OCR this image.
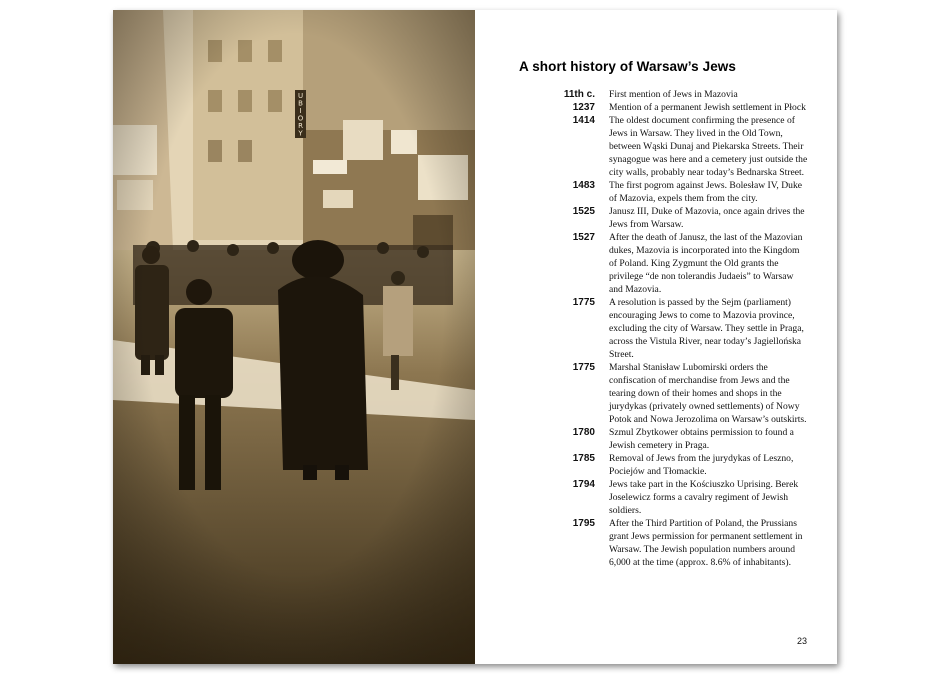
A short history of Warsaw’s Jews
11th c. First mention of Jews in Mazovia
1237 Mention of a permanent Jewish settlement in Płock
1414 The oldest document confirming the presence of Jews in Warsaw. They lived in the Old Town, between Wąski Dunaj and Piekarska Streets. Their synagogue was here and a cemetery just outside the city walls, probably near today’s Bednarska Street.
1483 The first pogrom against Jews. Bolesław IV, Duke of Mazovia, expels them from the city.
1525 Janusz III, Duke of Mazovia, once again drives the Jews from Warsaw.
1527 After the death of Janusz, the last of the Mazovian dukes, Mazovia is incorporated into the Kingdom of Poland. King Zygmunt the Old grants the privilege “de non tolerandis Judaeis” to Warsaw and Mazovia.
1775 A resolution is passed by the Sejm (parliament) encouraging Jews to come to Mazovia province, excluding the city of Warsaw. They settle in Praga, across the Vistula River, near today’s Jagiellońska Street.
1775 Marshal Stanisław Lubomirski orders the confiscation of merchandise from Jews and the tearing down of their homes and shops in the jurydykas (privately owned settlements) of Nowy Potok and Nowa Jerozolima on Warsaw’s outskirts.
1780 Szmul Zbytkower obtains permission to found a Jewish cemetery in Praga.
1785 Removal of Jews from the jurydykas of Leszno, Pociejów and Tłomackie.
1794 Jews take part in the Kościuszko Uprising. Berek Joselewicz forms a cavalry regiment of Jewish soldiers.
1795 After the Third Partition of Poland, the Prussians grant Jews permission for permanent settlement in Warsaw. The Jewish population numbers around 6,000 at the time (approx. 8.6% of inhabitants).
23
